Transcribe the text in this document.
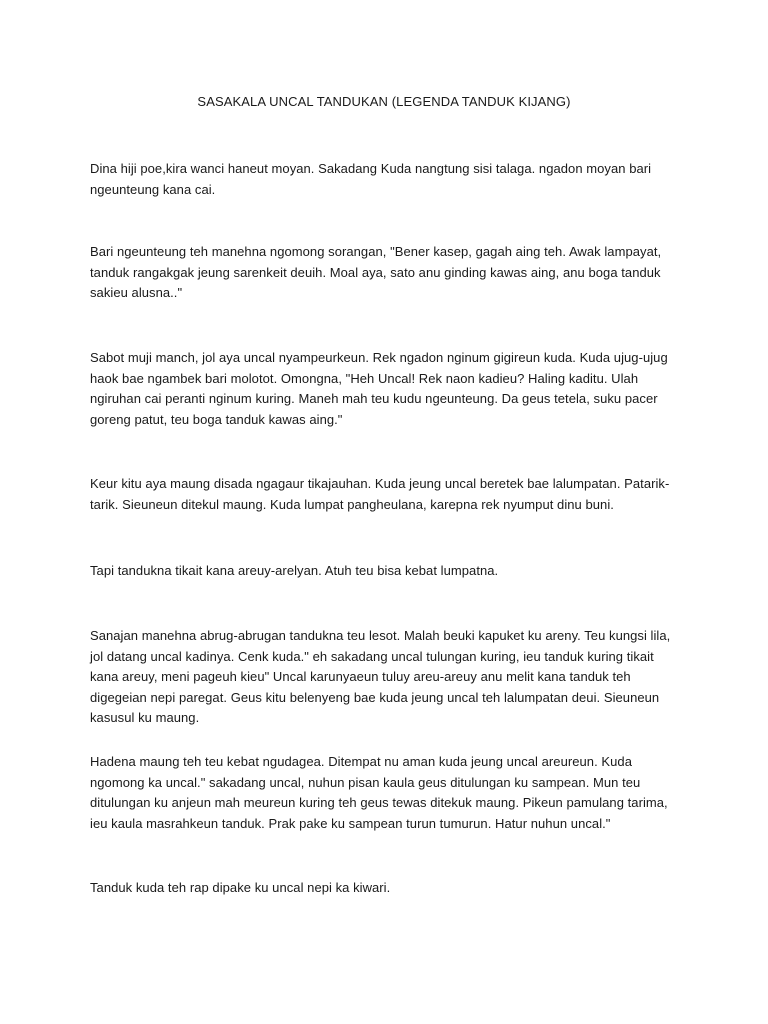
SASAKALA UNCAL TANDUKAN (LEGENDA TANDUK KIJANG)

Dina hiji poe,kira wanci haneut moyan. Sakadang Kuda nangtung sisi talaga. ngadon moyan bari ngeunteung kana cai.

Bari ngeunteung teh manehna ngomong sorangan, "Bener kasep, gagah aing teh. Awak lampayat, tanduk rangakgak jeung sarenkeit deuih. Moal aya, sato anu ginding kawas aing, anu boga tanduk sakieu alusna.."

Sabot muji manch, jol aya uncal nyampeurkeun. Rek ngadon nginum gigireun kuda. Kuda ujug-ujug haok bae ngambek bari molotot. Omongna, "Heh Uncal! Rek naon kadieu? Haling kaditu. Ulah ngiruhan cai peranti nginum kuring. Maneh mah teu kudu ngeunteung. Da geus tetela, suku pacer goreng patut, teu boga tanduk kawas aing."

Keur kitu aya maung disada ngagaur tikajauhan. Kuda jeung uncal beretek bae lalumpatan. Patarik-tarik. Sieuneun ditekul maung. Kuda lumpat pangheulana, karepna rek nyumput dinu buni.

Tapi tandukna tikait kana areuy-arelyan. Atuh teu bisa kebat lumpatna.

Sanajan manehna abrug-abrugan tandukna teu lesot. Malah beuki kapuket ku areny. Teu kungsi lila, jol datang uncal kadinya. Cenk kuda." eh sakadang uncal tulungan kuring, ieu tanduk kuring tikait kana areuy, meni pageuh kieu" Uncal karunyaeun tuluy areu-areuy anu melit kana tanduk teh digegeian nepi paregat. Geus kitu belenyeng bae kuda jeung uncal teh lalumpatan deui. Sieuneun kasusul ku maung.

Hadena maung teh teu kebat ngudagea. Ditempat nu aman kuda jeung uncal areureun. Kuda ngomong ka uncal." sakadang uncal, nuhun pisan kaula geus ditulungan ku sampean. Mun teu ditulungan ku anjeun mah meureun kuring teh geus tewas ditekuk maung. Pikeun pamulang tarima, ieu kaula masrahkeun tanduk. Prak pake ku sampean turun tumurun. Hatur nuhun uncal."

Tanduk kuda teh rap dipake ku uncal nepi ka kiwari.
